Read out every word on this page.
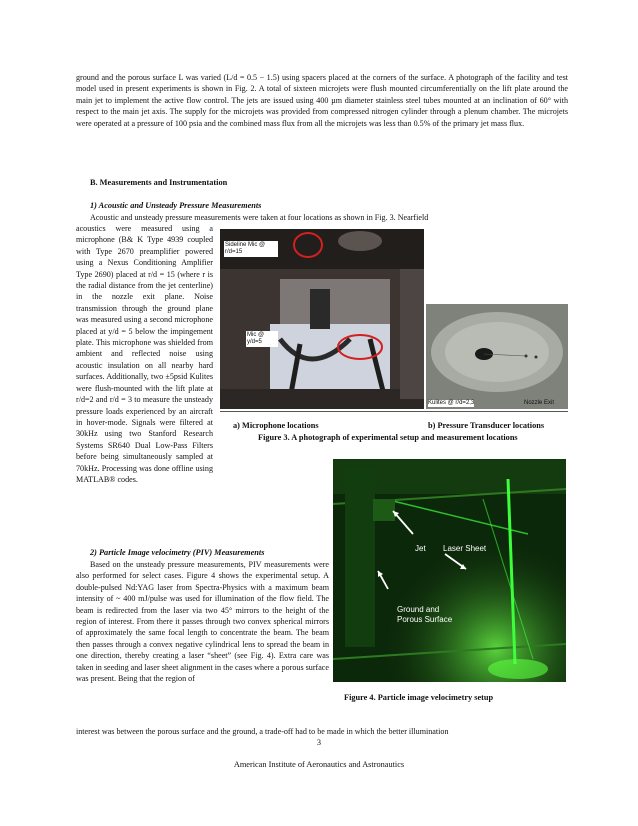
ground and the porous surface L was varied (L/d = 0.5 − 1.5) using spacers placed at the corners of the surface. A photograph of the facility and test model used in present experiments is shown in Fig. 2. A total of sixteen microjets were flush mounted circumferentially on the lift plate around the main jet to implement the active flow control. The jets are issued using 400 µm diameter stainless steel tubes mounted at an inclination of 60° with respect to the main jet axis. The supply for the microjets was provided from compressed nitrogen cylinder through a plenum chamber. The microjets were operated at a pressure of 100 psia and the combined mass flux from all the microjets was less than 0.5% of the primary jet mass flux.

B. Measurements and Instrumentation

1) Acoustic and Unsteady Pressure Measurements

Acoustic and unsteady pressure measurements were taken at four locations as shown in Fig. 3. Nearfield

acoustics were measured using a microphone (B& K Type 4939 coupled with Type 2670 preamplifier powered using a Nexus Conditioning Amplifier Type 2690) placed at r/d = 15 (where r is the radial distance from the jet centerline) in the nozzle exit plane. Noise transmission through the ground plane was measured using a second microphone placed at y/d = 5 below the impingement plate. This microphone was shielded from ambient and reflected noise using acoustic insulation on all nearby hard surfaces. Additionally, two ±5psid Kulites were flush-mounted with the lift plate at r/d=2 and r/d = 3 to measure the unsteady pressure loads experienced by an aircraft in hover-mode. Signals were filtered at 30kHz using two Stanford Research Systems SR640 Dual Low-Pass Filters before being simultaneously sampled at 70kHz. Processing was done offline using MATLAB® codes.

Sideline Mic @
r/d=15
Mic @
y/d=5
Kulites @ r/d=2,3	Nozzle Exit

a) Microphone locations	b) Pressure Transducer locations

Figure 3. A photograph of experimental setup and measurement locations

Jet Laser Sheet
Ground and
Porous Surface

2) Particle Image velocimetry (PIV) Measurements

Based on the unsteady pressure measurements, PIV measurements were also performed for select cases. Figure 4 shows the experimental setup. A double-pulsed Nd:YAG laser from Spectra-Physics with a maximum beam intensity of ~ 400 mJ/pulse was used for illumination of the flow field. The beam is redirected from the laser via two 45° mirrors to the height of the region of interest. From there it passes through two convex spherical mirrors of approximately the same focal length to concentrate the beam. The beam then passes through a convex negative cylindrical lens to spread the beam in one direction, thereby creating a laser “sheet” (see Fig. 4). Extra care was taken in seeding and laser sheet alignment in the cases where a porous surface was present. Being that the region of

Figure 4. Particle image velocimetry setup

interest was between the porous surface and the ground, a trade-off had to be made in which the better illumination

3

American Institute of Aeronautics and Astronautics
